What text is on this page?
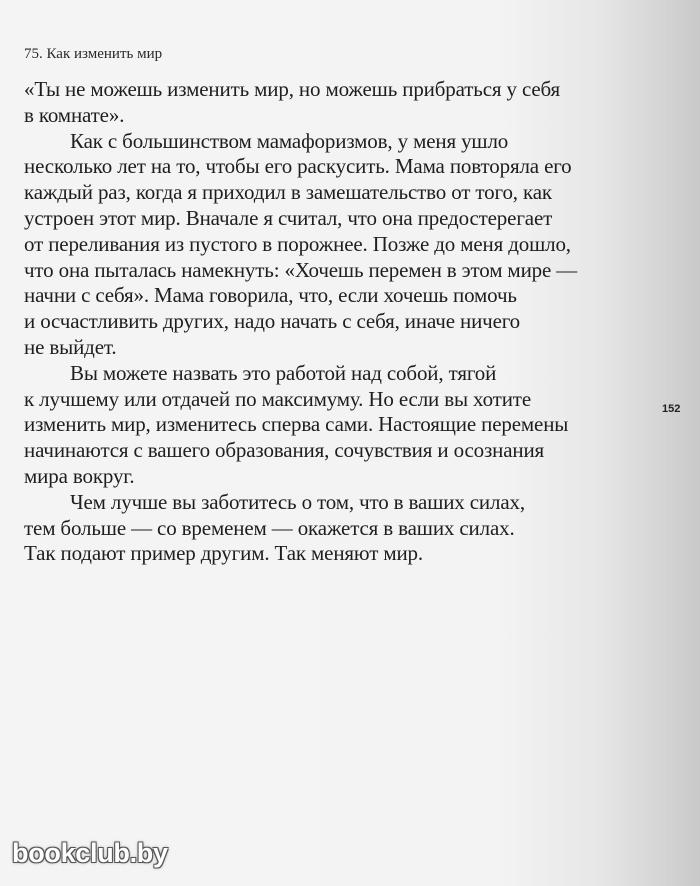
75. Как изменить мир
«Ты не можешь изменить мир, но можешь прибраться у себя
в комнате».
Как с большинством мамафоризмов, у меня ушло
несколько лет на то, чтобы его раскусить. Мама повторяла его
каждый раз, когда я приходил в замешательство от того, как
устроен этот мир. Вначале я считал, что она предостерегает
от переливания из пустого в порожнее. Позже до меня дошло,
что она пыталась намекнуть: «Хочешь перемен в этом мире —
начни с себя». Мама говорила, что, если хочешь помочь
и осчастливить других, надо начать с себя, иначе ничего
не выйдет.
Вы можете назвать это работой над собой, тягой
к лучшему или отдачей по максимуму. Но если вы хотите
изменить мир, изменитесь сперва сами. Настоящие перемены
начинаются с вашего образования, сочувствия и осознания
мира вокруг.
Чем лучше вы заботитесь о том, что в ваших силах,
тем больше — со временем — окажется в ваших силах.
Так подают пример другим. Так меняют мир.
152
bookclub.by
